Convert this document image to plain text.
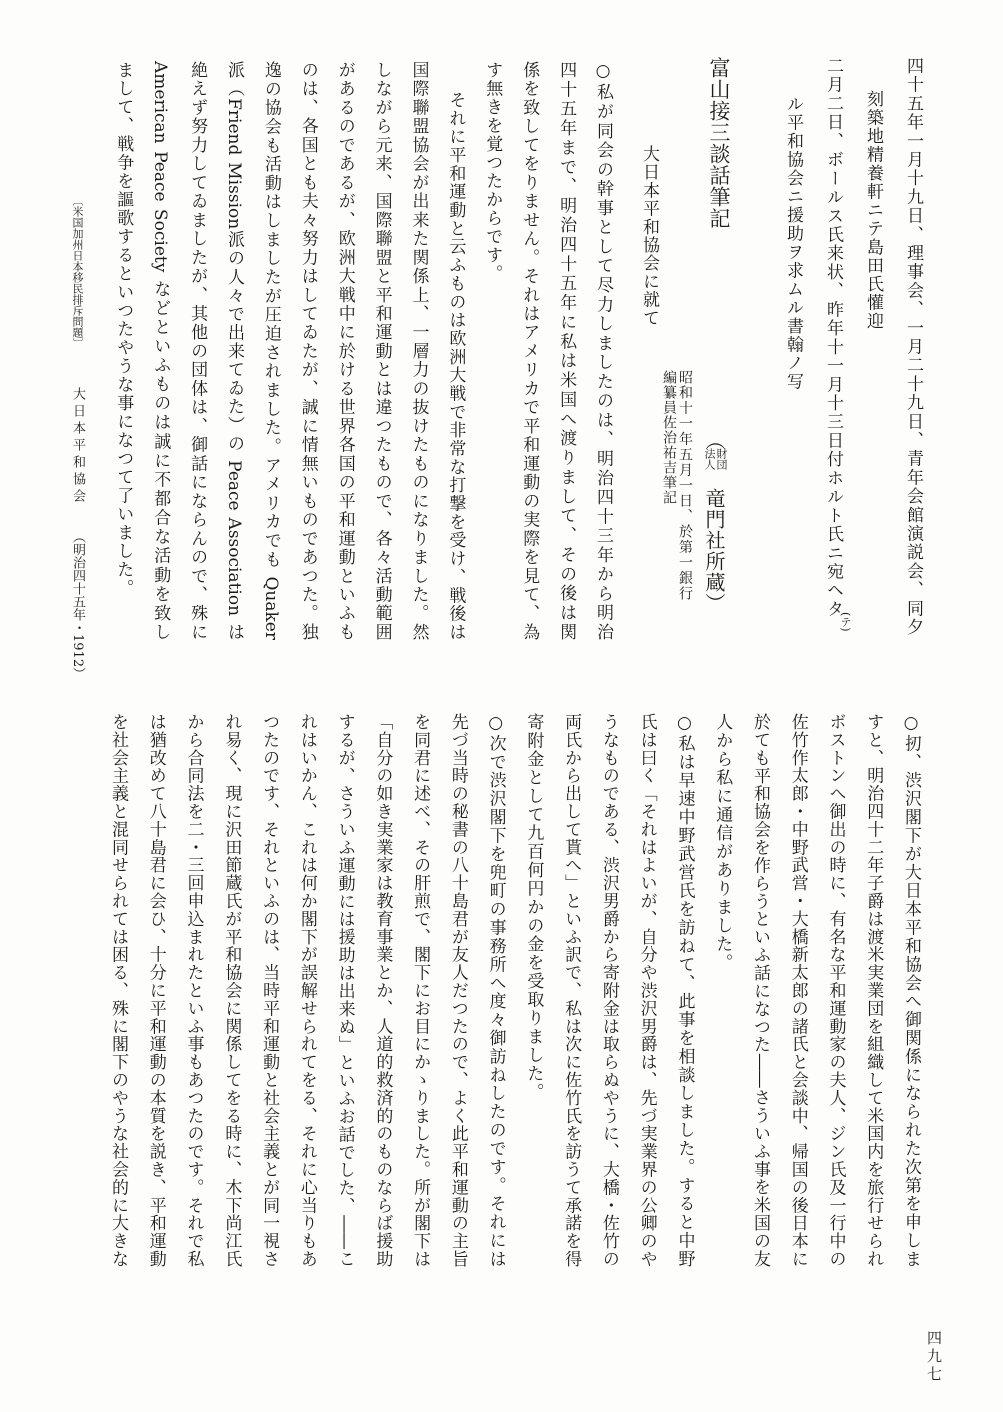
四十五年一月十九日、理事会、一月二十九日、青年会館演説会、同夕
刻築地精養軒ニテ島田氏懽迎
二月二日、ボールス氏来状、昨年十一月十三日付ホルト氏ニ宛ヘタ
(テ)
ル平和協会ニ援助ヲ求ムル書翰ノ写
富山接三談話筆記
（
財団
法人
竜門社所蔵）
昭和十一年五月一日、於第一銀行
編纂員佐治祐吉筆記
大日本平和協会に就て
○私が同会の幹事として尽力しましたのは、明治四十三年から明治
四十五年まで、明治四十五年に私は米国へ渡りまして、その後は関
係を致してをりません。それはアメリカで平和運動の実際を見て、為
す無きを覚つたからです。
それに平和運動と云ふものは欧洲大戦で非常な打撃を受け、戦後は
国際聯盟協会が出来た関係上、一層力の抜けたものになりました。然
しながら元来、国際聯盟と平和運動とは違つたもので、各々活動範囲
があるのであるが、欧洲大戦中に於ける世界各国の平和運動といふも
のは、各国とも夫々努力はしてゐたが、誠に情無いものであつた。独
逸の協会も活動はしましたが圧迫されました。アメリカでも Quaker
派（Friend Mission派の人々で出来てゐた）の Peace Association は
絶えず努力してゐましたが、其他の団体は、御話にならんので、殊に
American Peace Society などといふものは誠に不都合な活動を致し
まして、戦争を謳歌するといつたやうな事になつて了いました。
〔米国加州日本移民排斥問題〕
大日本平和協会
（明治四十五年・1912）
○扨、渋沢閣下が大日本平和協会へ御関係になられた次第を申しま
すと、明治四十二年子爵は渡米実業団を組織して米国内を旅行せられ
ボストンへ御出の時に、有名な平和運動家の夫人、ジン氏及一行中の
佐竹作太郎・中野武営・大橋新太郎の諸氏と会談中、帰国の後日本に
於ても平和協会を作らうといふ話になつた――さういふ事を米国の友
人から私に通信がありました。
○私は早速中野武営氏を訪ねて、此事を相談しました。すると中野
氏は曰く「それはよいが、自分や渋沢男爵は、先づ実業界の公卿のや
うなものである、渋沢男爵から寄附金は取らぬやうに、大橋・佐竹の
両氏から出して貰へ」といふ訳で、私は次に佐竹氏を訪うて承諾を得
寄附金として九百何円かの金を受取りました。
○次で渋沢閣下を兜町の事務所へ度々御訪ねしたのです。それには
先づ当時の秘書の八十島君が友人だつたので、よく此平和運動の主旨
を同君に述べ、その肝煎で、閣下にお目にかゝりました。所が閣下は
「自分の如き実業家は教育事業とか、人道的救済的のものならば援助
するが、さういふ運動には援助は出来ぬ」といふお話でした、――こ
れはいかん、これは何か閣下が誤解せられてをる、それに心当りもあ
つたのです、それといふのは、当時平和運動と社会主義とが同一視さ
れ易く、現に沢田節蔵氏が平和協会に関係してをる時に、木下尚江氏
から合同法を二・三回申込まれたといふ事もあつたのです。それで私
は猶改めて八十島君に会ひ、十分に平和運動の本質を説き、平和運動
を社会主義と混同せられては困る、殊に閣下のやうな社会的に大きな
四九七
